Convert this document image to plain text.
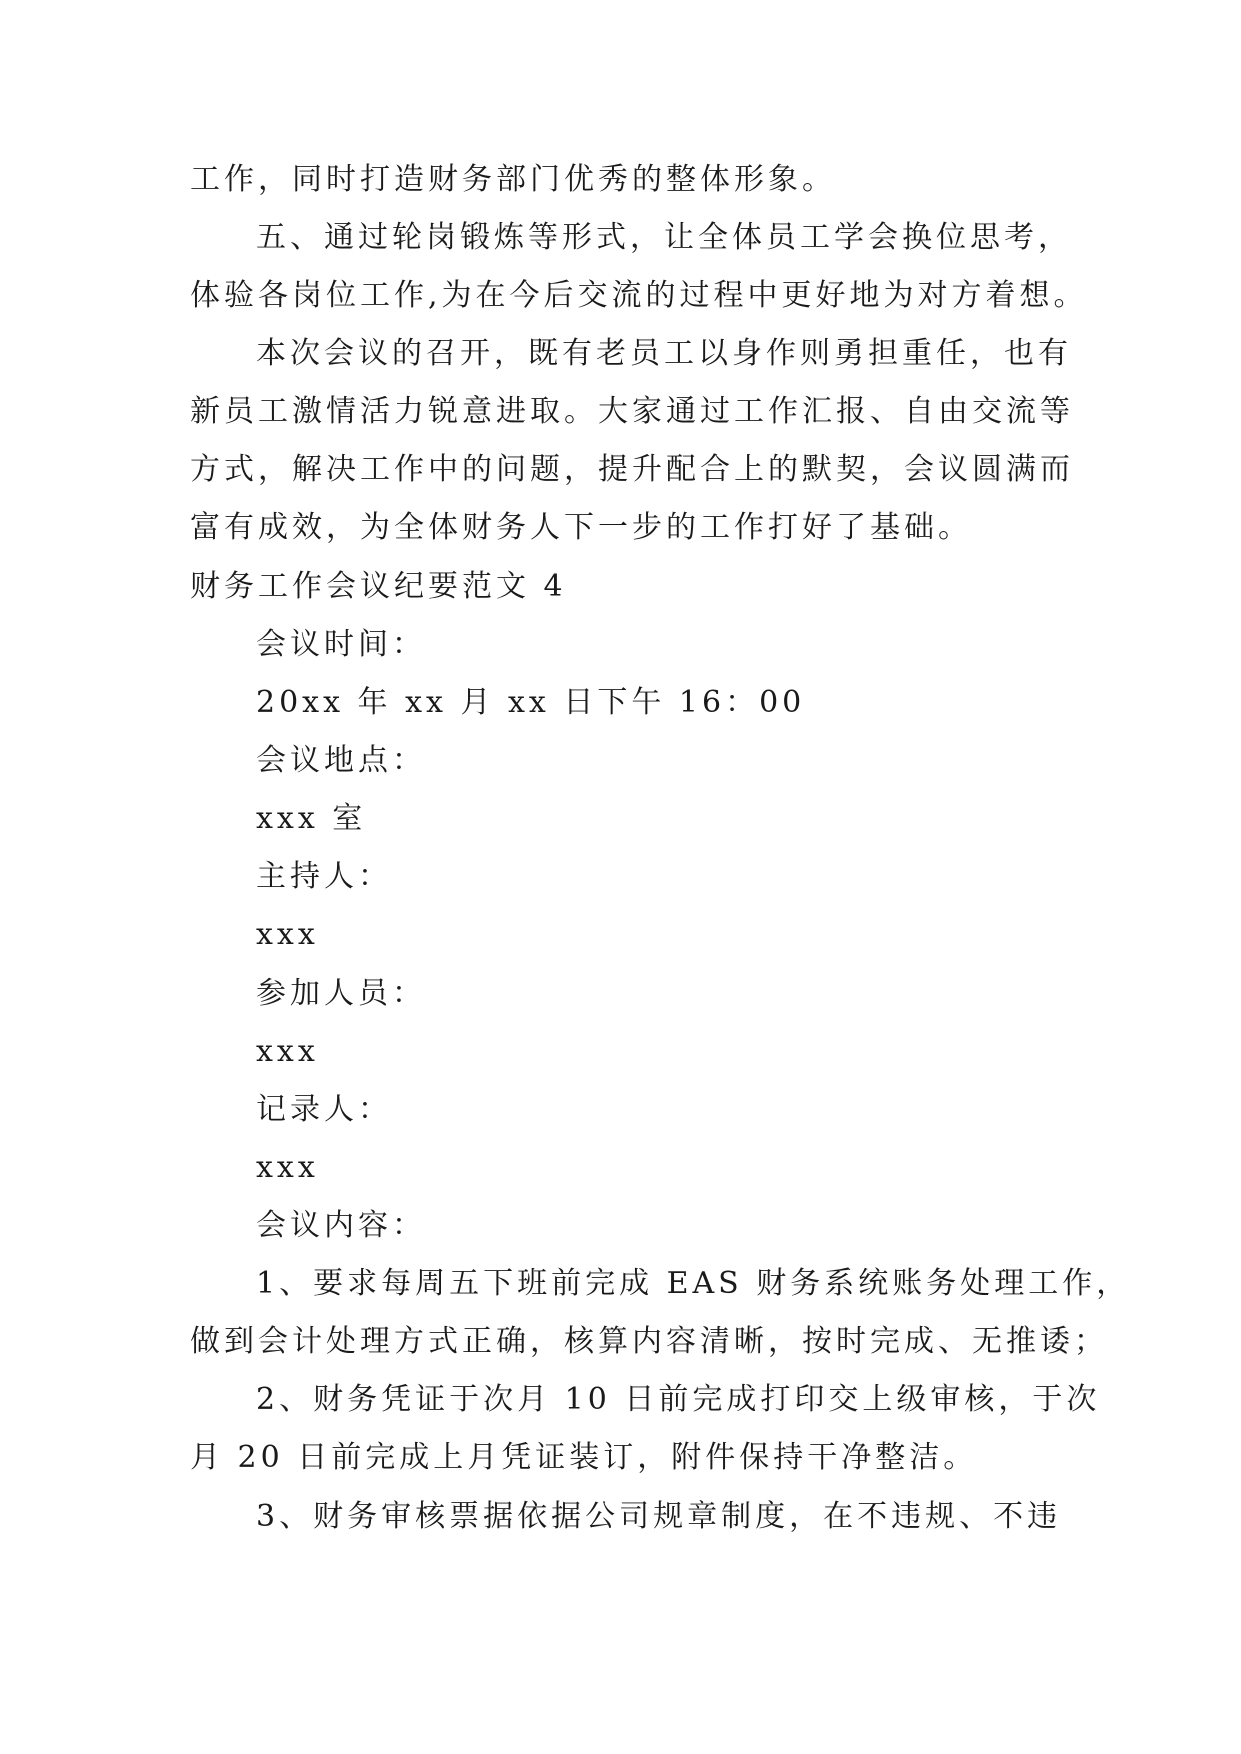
工作，同时打造财务部门优秀的整体形象。
五、通过轮岗锻炼等形式，让全体员工学会换位思考，
体验各岗位工作,为在今后交流的过程中更好地为对方着想。
本次会议的召开，既有老员工以身作则勇担重任，也有
新员工激情活力锐意进取。大家通过工作汇报、自由交流等
方式，解决工作中的问题，提升配合上的默契，会议圆满而
富有成效，为全体财务人下一步的工作打好了基础。
财务工作会议纪要范文 4
会议时间：
20xx 年 xx 月 xx 日下午 16：00
会议地点：
xxx 室
主持人：
xxx
参加人员：
xxx
记录人：
xxx
会议内容：
1、要求每周五下班前完成 EAS 财务系统账务处理工作，
做到会计处理方式正确，核算内容清晰，按时完成、无推诿；
2、财务凭证于次月 10 日前完成打印交上级审核，于次
月 20 日前完成上月凭证装订，附件保持干净整洁。
3、财务审核票据依据公司规章制度，在不违规、不违
